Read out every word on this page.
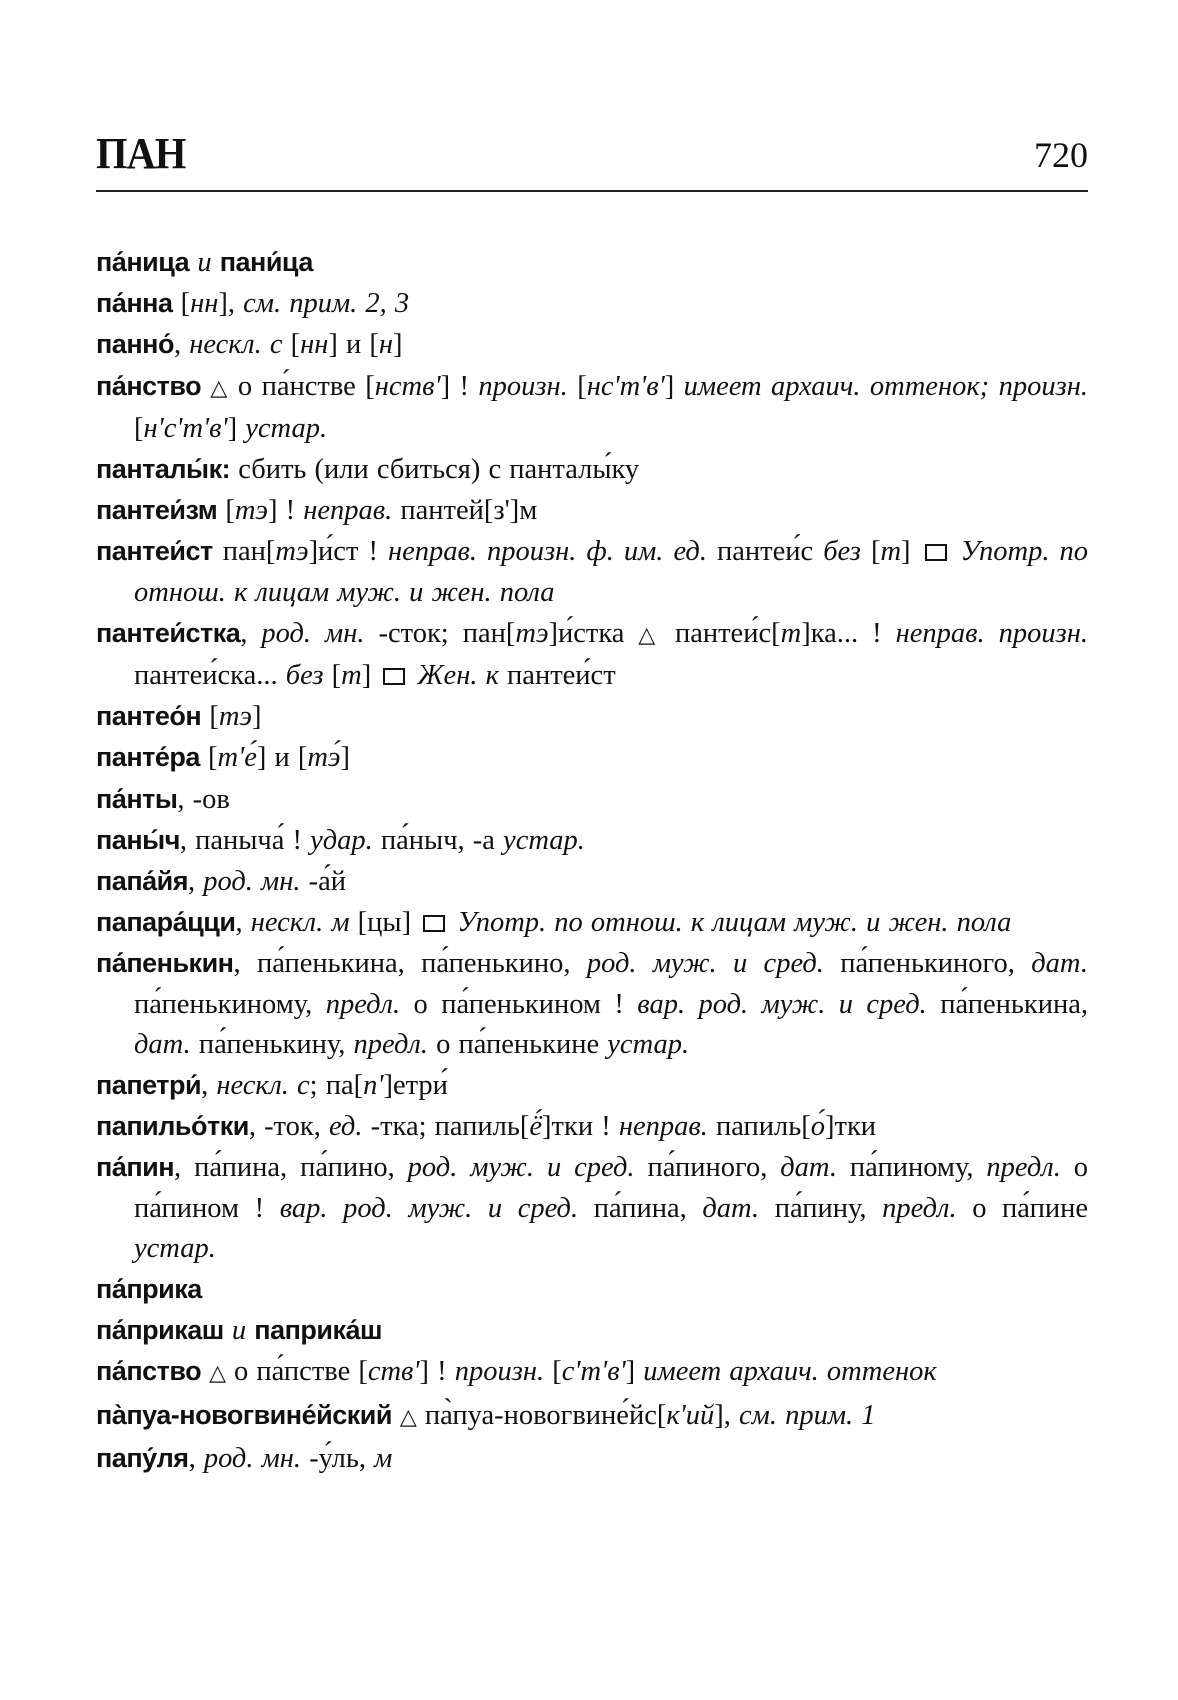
ПАН	720
па́ница и пани́ца
па́нна [нн], см. прим. 2, 3
панно́, нескл. с [нн] и [н]
па́нство △ о па́нстве [нств'] ! произн. [нс'т'в'] имеет архаич. оттенок; произн. [н'с'т'в'] устар.
панталы́к: сбить (или сбиться) с панталы́ку
пантеи́зм [тэ] ! неправ. пантей[з']м
пантеи́ст пан[тэ]и́ст ! неправ. произн. ф. им. ед. пантеи́с без [т]  Употр. по отнош. к лицам муж. и жен. пола
пантеи́стка, род. мн. -сток; пан[тэ]и́стка △ пантеи́с[т]ка... ! неправ. произн. пантеи́ска... без [т]  Жен. к пантеи́ст
пантео́н [тэ]
панте́ра [т'е́] и [тэ́]
па́нты, -ов
паны́ч, паныча́ ! удар. па́ныч, -а устар.
папа́йя, род. мн. -а́й
папара́цци, нескл. м [цы]  Употр. по отнош. к лицам муж. и жен. пола
па́пенькин, па́пенькина, па́пенькино, род. муж. и сред. па́пенькиного, дат. па́пенькиному, предл. о па́пенькином ! вар. род. муж. и сред. па́пенькина, дат. па́пенькину, предл. о па́пенькине устар.
папетри́, нескл. с; па[п']етри́
папильо́тки, -ток, ед. -тка; папиль[ё́]тки ! неправ. папиль[о́]тки
па́пин, па́пина, па́пино, род. муж. и сред. па́пиного, дат. па́пиному, предл. о па́пином ! вар. род. муж. и сред. па́пина, дат. па́пину, предл. о па́пине устар.
па́прика
па́прикаш и паприка́ш
па́пство △ о па́пстве [ств'] ! произн. [с'т'в'] имеет архаич. оттенок
па̀пуа-новогвине́йский △ па̀пуа-новогвине́йс[к'ий], см. прим. 1
папу́ля, род. мн. -у́ль, м
